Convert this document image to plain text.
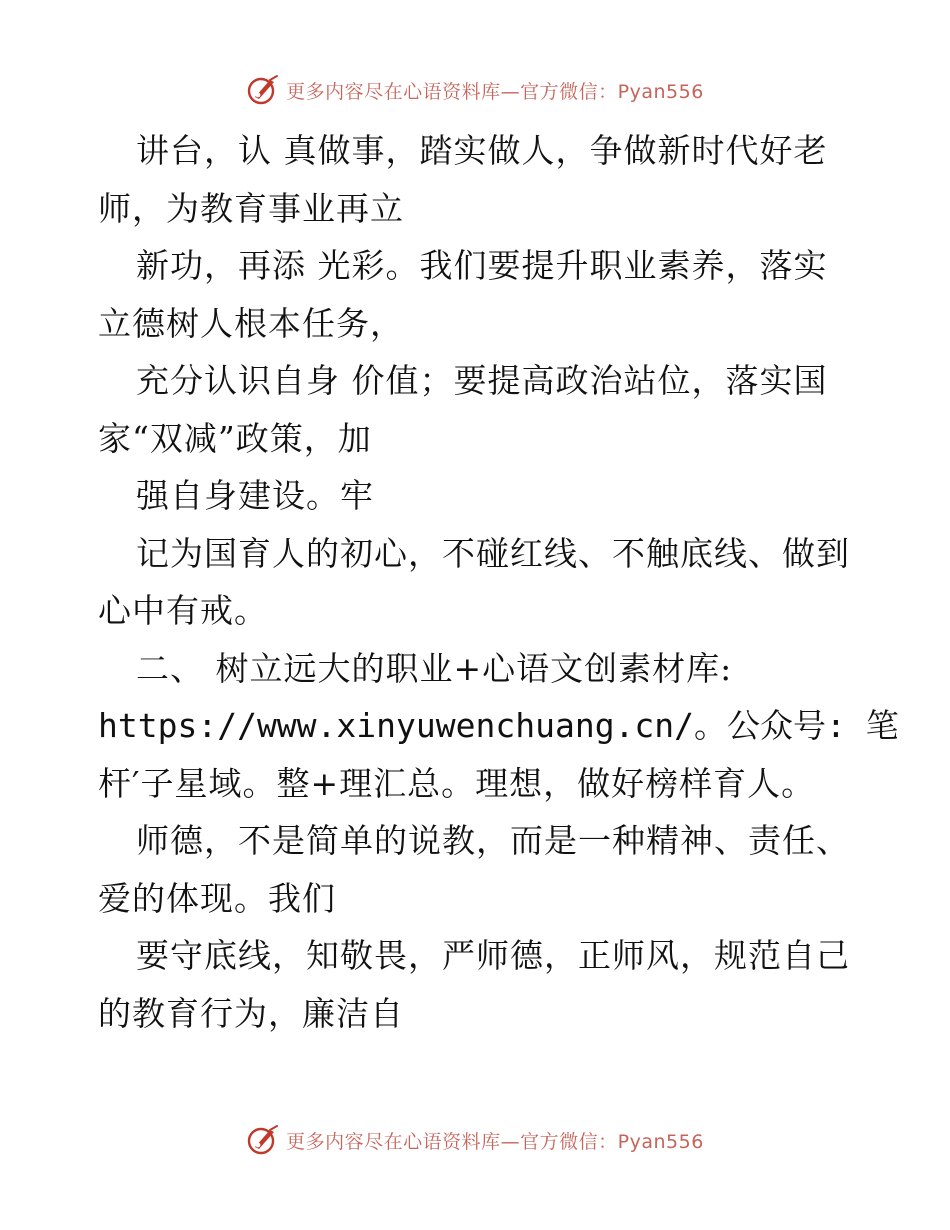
更多内容尽在心语资料库—官方微信：Pyan556
讲台，认 真做事，踏实做人，争做新时代好老
师，为教育事业再立
新功，再添 光彩。我们要提升职业素养，落实
立德树人根本任务，
充分认识自身 价值；要提高政治站位，落实国
家“双减”政策，加
强自身建设。牢
记为国育人的初心，不碰红线、不触底线、做到
心中有戒。
二、 树立远大的职业+心语文创素材库:
https://www.xinyuwenchuang.cn/。公众号: 笔
杆′子星域。整+理汇总。理想，做好榜样育人。
师德，不是简单的说教，而是一种精神、责任、
爱的体现。我们
要守底线，知敬畏，严师德，正师风，规范自己
的教育行为，廉洁自
更多内容尽在心语资料库—官方微信：Pyan556
